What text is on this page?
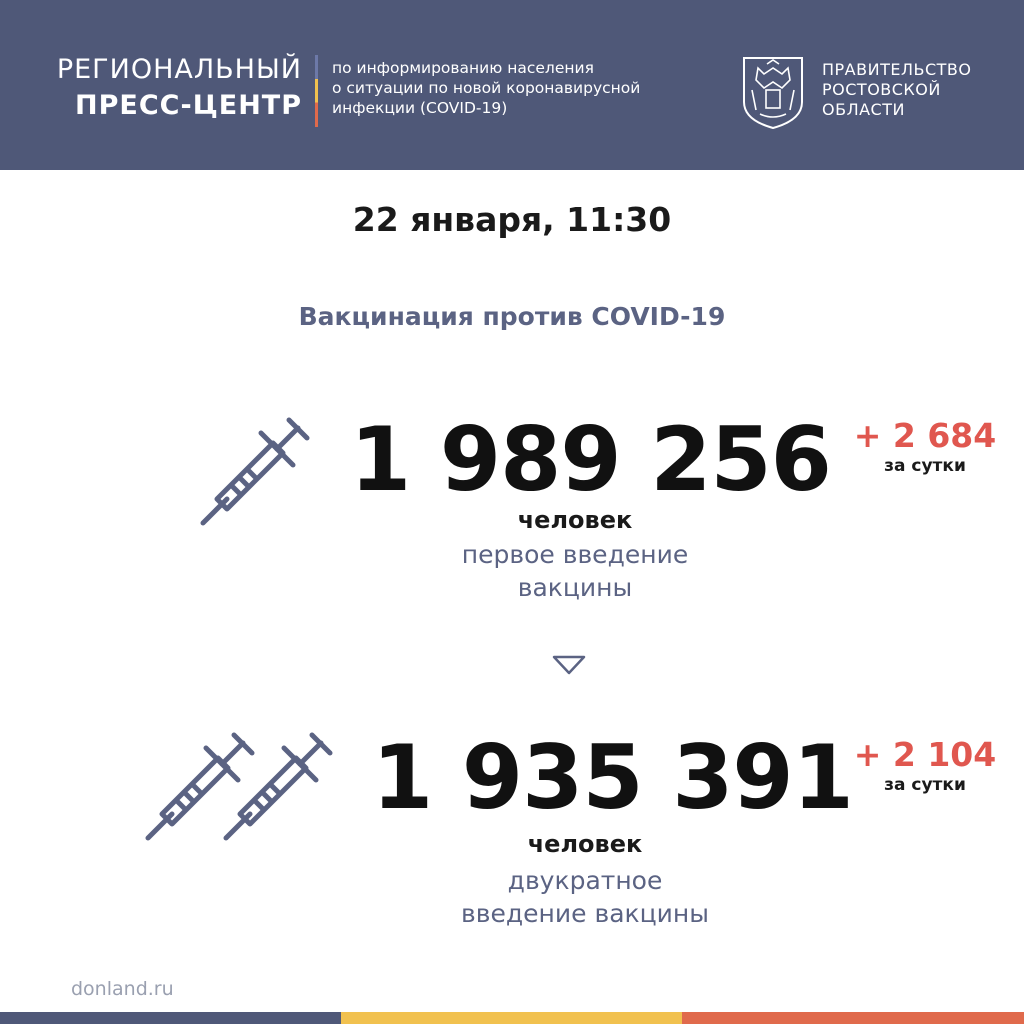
РЕГИОНАЛЬНЫЙ
ПРЕСС-ЦЕНТР
по информированию населения
о ситуации по новой коронавирусной
инфекции (COVID-19)
ПРАВИТЕЛЬСТВО
РОСТОВСКОЙ
ОБЛАСТИ
22 января, 11:30
Вакцинация против COVID-19
1 989 256
человек
первое введение
вакцины
+ 2 684
за сутки
1 935 391
человек
двукратное
введение вакцины
+ 2 104
за сутки
donland.ru
